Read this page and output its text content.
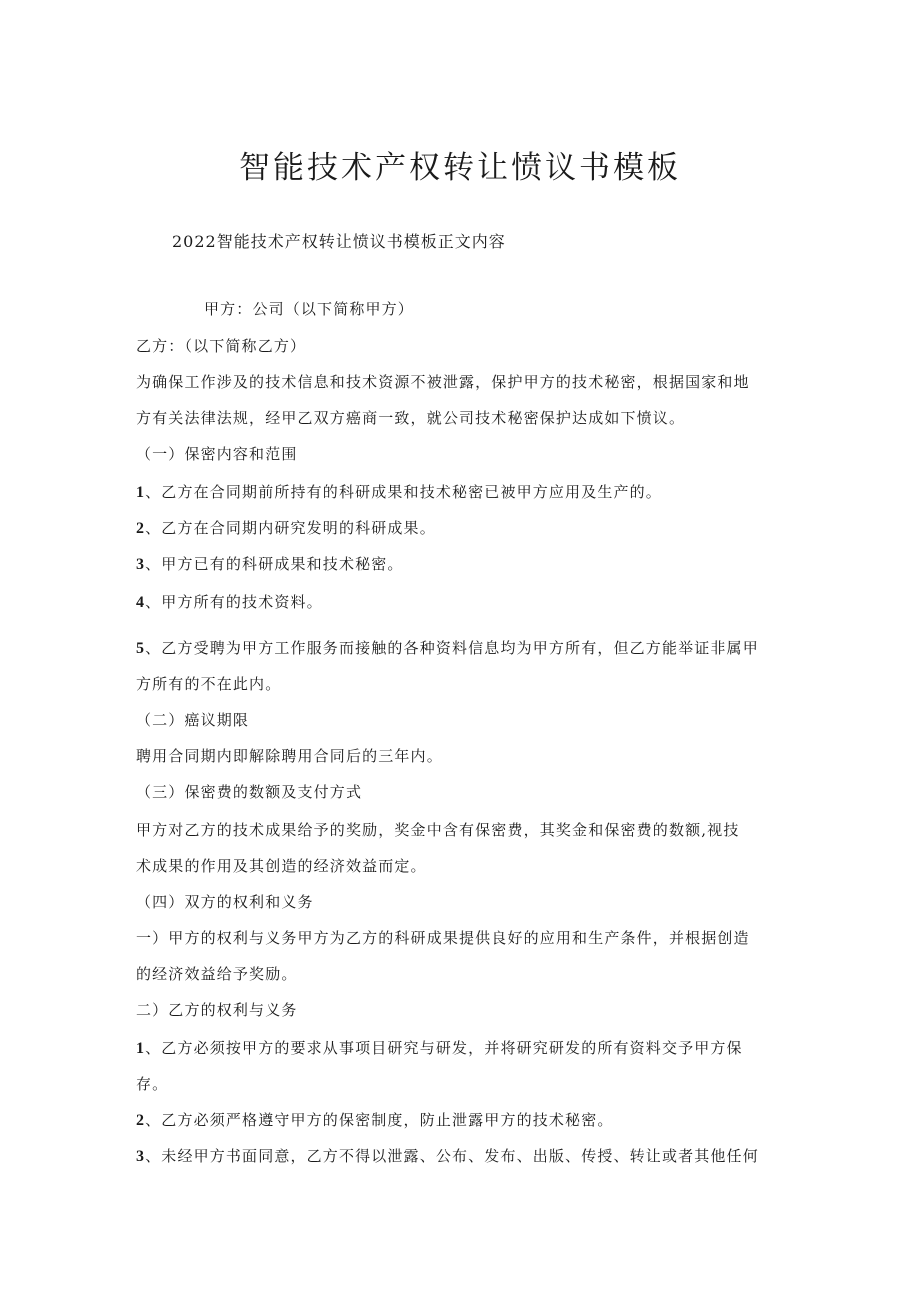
智能技术产权转让愤议书模板
2022智能技术产权转让愤议书模板正文内容
甲方：公司（以下简称甲方）
乙方：（以下简称乙方）
为确保工作涉及的技术信息和技术资源不被泄露，保护甲方的技术秘密，根据国家和地
方有关法律法规，经甲乙双方癌商一致，就公司技术秘密保护达成如下愤议。
（一）保密内容和范围
1、乙方在合同期前所持有的科研成果和技术秘密已被甲方应用及生产的。
2、乙方在合同期内研究发明的科研成果。
3、甲方已有的科研成果和技术秘密。
4、甲方所有的技术资料。
5、乙方受聘为甲方工作服务而接触的各种资料信息均为甲方所有，但乙方能举证非属甲
方所有的不在此内。
（二）癌议期限
聘用合同期内即解除聘用合同后的三年内。
（三）保密费的数额及支付方式
甲方对乙方的技术成果给予的奖励，奖金中含有保密费，其奖金和保密费的数额,视技
术成果的作用及其创造的经济效益而定。
（四）双方的权利和义务
一）甲方的权利与义务甲方为乙方的科研成果提供良好的应用和生产条件，并根据创造
的经济效益给予奖励。
二）乙方的权利与义务
1、乙方必须按甲方的要求从事项目研究与研发，并将研究研发的所有资料交予甲方保
存。
2、乙方必须严格遵守甲方的保密制度，防止泄露甲方的技术秘密。
3、未经甲方书面同意，乙方不得以泄露、公布、发布、出版、传授、转让或者其他任何
